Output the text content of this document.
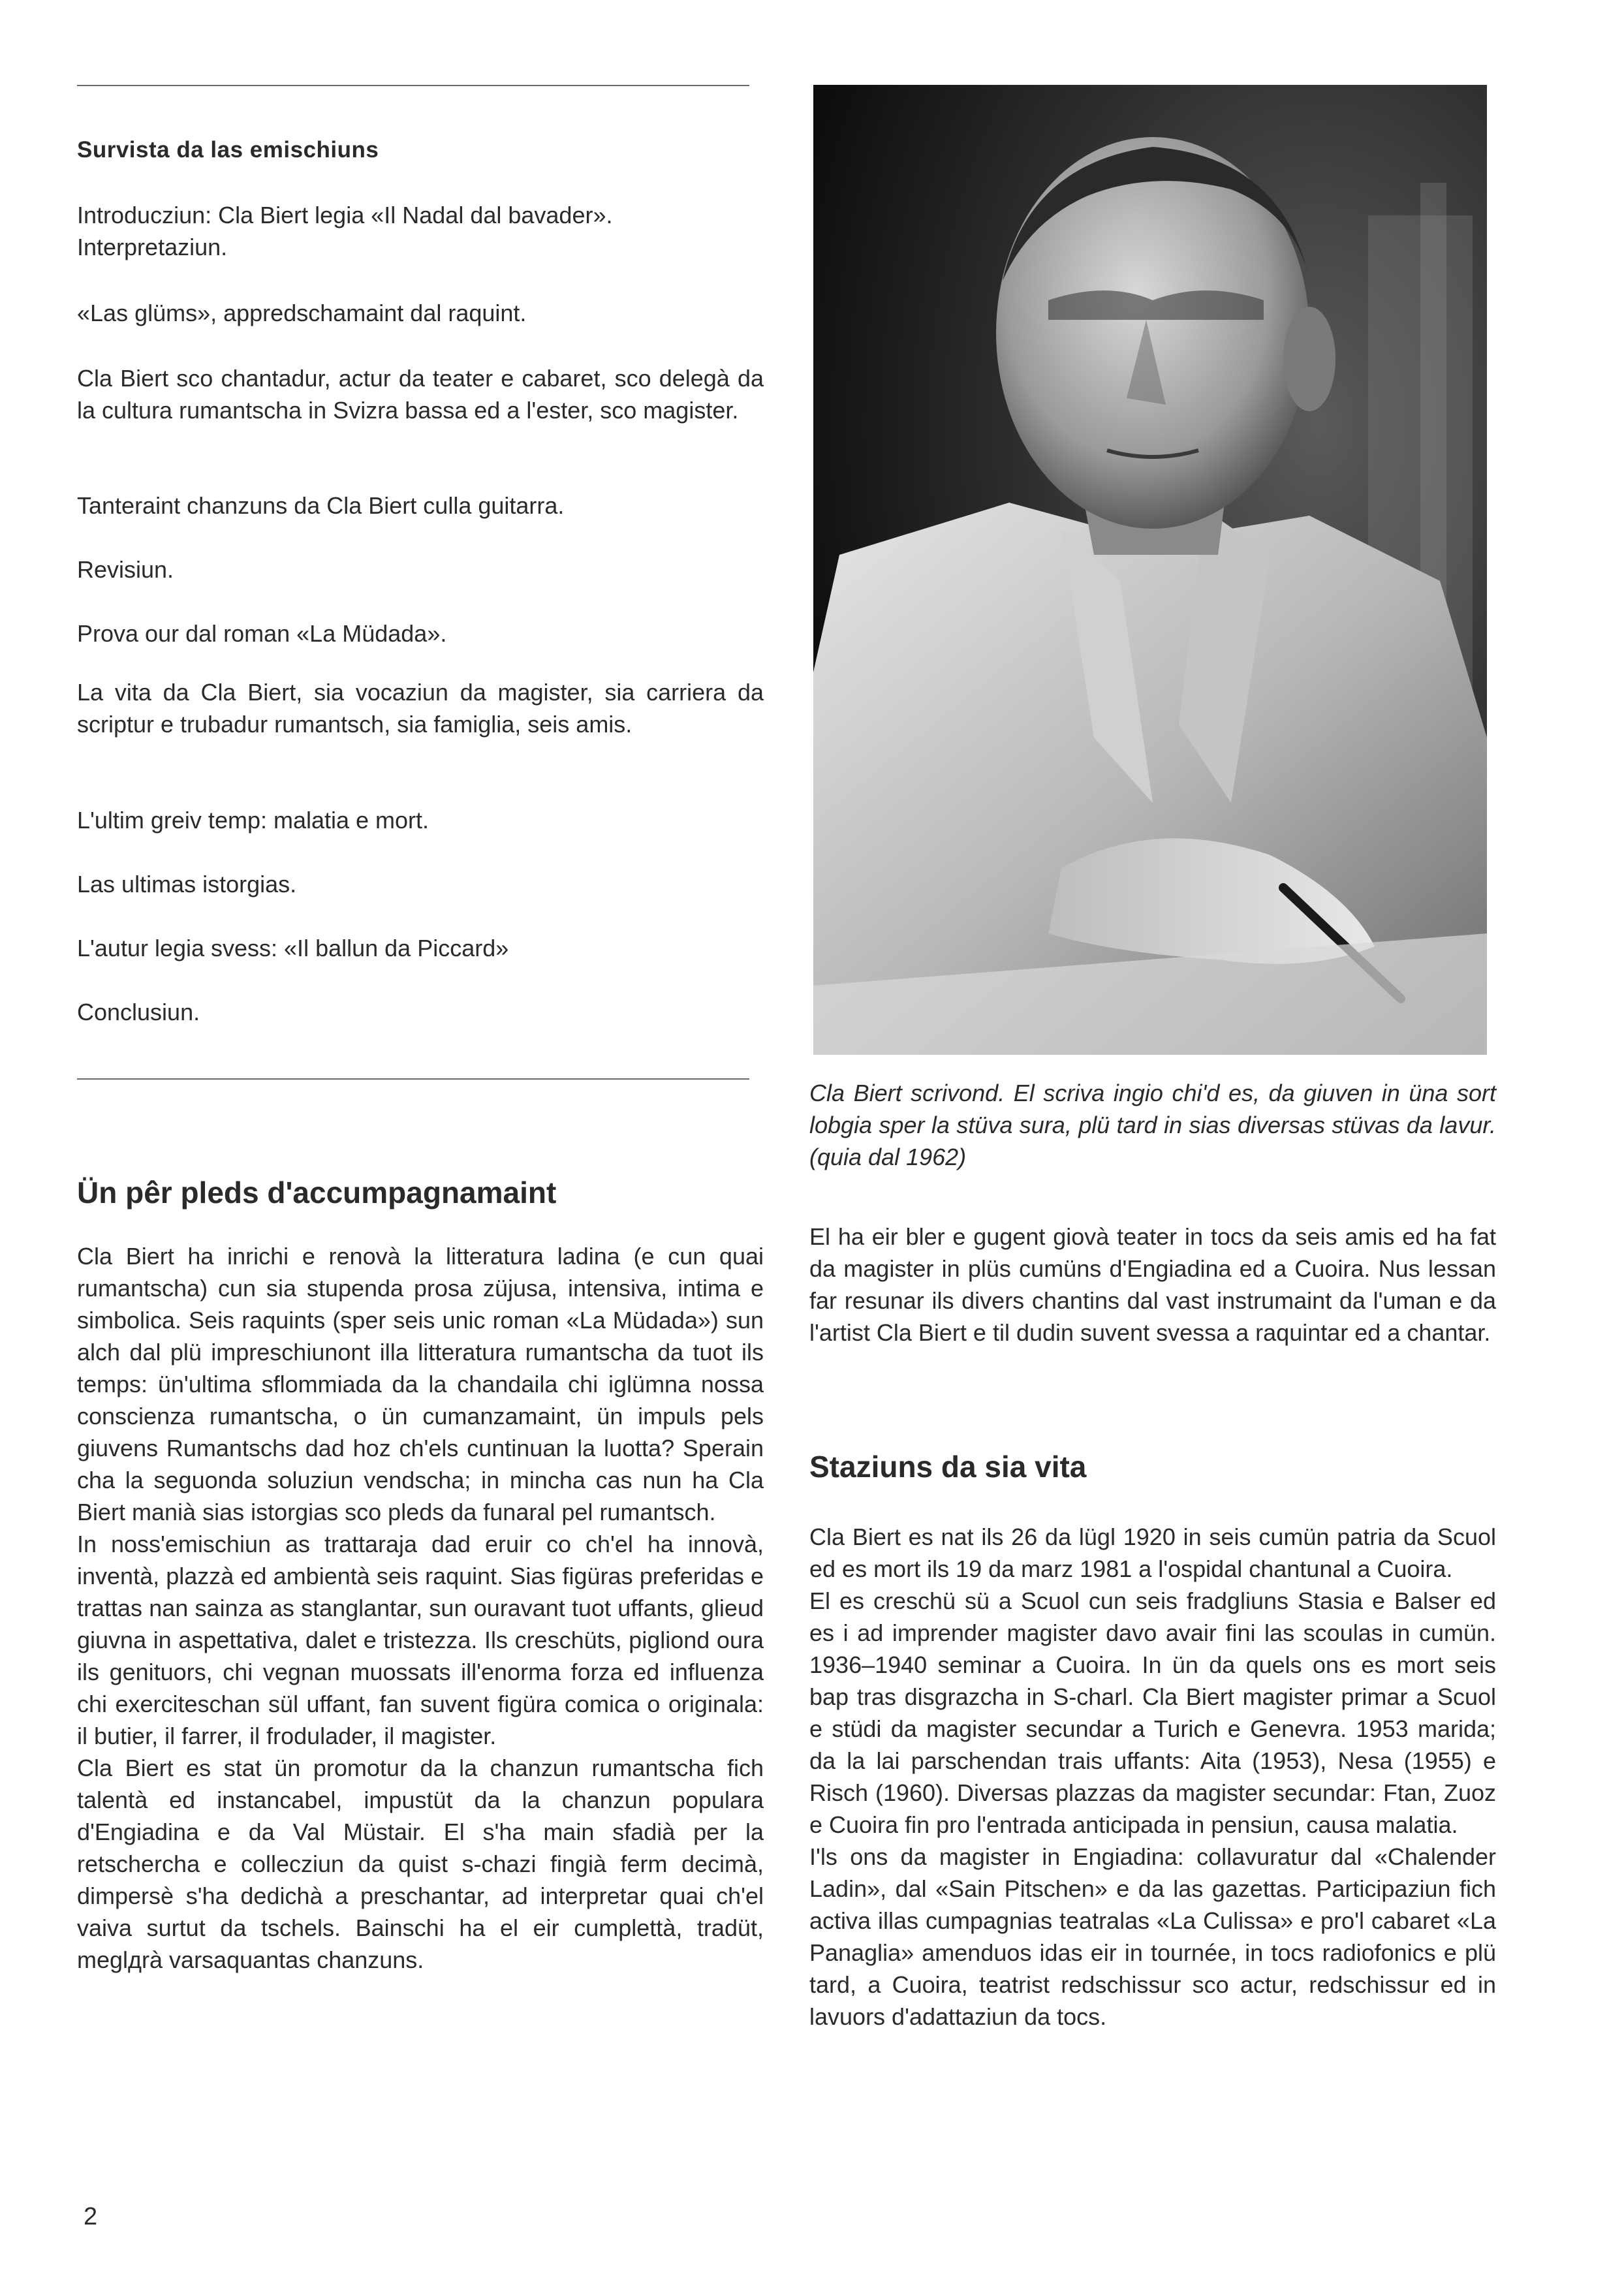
Survista da las emischiuns

Introducziun: Cla Biert legia «Il Nadal dal bavader». Interpretaziun.

«Las glüms», appredschamaint dal raquint.

Cla Biert sco chantadur, actur da teater e cabaret, sco delegà da la cultura rumantscha in Svizra bassa ed a l'ester, sco magister.

Tanteraint chanzuns da Cla Biert culla guitarra.

Revisiun.

Prova our dal roman «La Müdada».

La vita da Cla Biert, sia vocaziun da magister, sia carriera da scriptur e trubadur rumantsch, sia famiglia, seis amis.

L'ultim greiv temp: malatia e mort.

Las ultimas istorgias.

L'autur legia svess: «Il ballun da Piccard»

Conclusiun.

Ün pêr pleds d'accumpagnamaint

Cla Biert ha inrichi e renovà la litteratura ladina (e cun quai rumantscha) cun sia stupenda prosa züjusa, intensiva, intima e simbolica. Seis raquints (sper seis unic roman «La Müdada») sun alch dal plü impreschiunont illa litteratura rumantscha da tuot ils temps: ün'ultima sflommiada da la chandaila chi iglümna nossa conscienza rumantscha, o ün cumanzamaint, ün impuls pels giuvens Rumantschs dad hoz ch'els cuntinuan la luotta? Sperain cha la seguonda soluziun vendscha; in mincha cas nun ha Cla Biert manià sias istorgias sco pleds da funaral pel rumantsch.

In noss'emischiun as trattaraja dad eruir co ch'el ha innovà, inventà, plazzà ed ambientà seis raquint. Sias figüras preferidas e trattas nan sainza as stanglantar, sun ouravant tuot uffants, glieud giuvna in aspettativa, dalet e tristezza. Ils creschüts, pigliond oura ils genituors, chi vegnan muossats ill'enorma forza ed influenza chi exerciteschan sül uffant, fan suvent figüra comica o originala: il butier, il farrer, il frodulader, il magister.

Cla Biert es stat ün promotur da la chanzun rumantscha fich talentà ed instancabel, impustüt da la chanzun populara d'Engiadina e da Val Müstair. El s'ha main sfadià per la retschercha e collecziun da quist s-chazi fingià ferm decimà, dimpersè s'ha dedichà a preschantar, ad interpretar quai ch'el vaiva surtut da tschels. Bainschi ha el eir cumplettà, tradüt, meglдrà varsaquantas chanzuns.

Cla Biert scrivond. El scriva ingio chi'd es, da giuven in üna sort lobgia sper la stüva sura, plü tard in sias diversas stüvas da lavur. (quia dal 1962)

El ha eir bler e gugent giovà teater in tocs da seis amis ed ha fat da magister in plüs cumüns d'Engiadina ed a Cuoira. Nus lessan far resunar ils divers chantins dal vast instrumaint da l'uman e da l'artist Cla Biert e til dudin suvent svessa a raquintar ed a chantar.

Staziuns da sia vita

Cla Biert es nat ils 26 da lügl 1920 in seis cumün patria da Scuol ed es mort ils 19 da marz 1981 a l'ospidal chantunal a Cuoira.

El es creschü sü a Scuol cun seis fradgliuns Stasia e Balser ed es i ad imprender magister davo avair fini las scoulas in cumün. 1936–1940 seminar a Cuoira. In ün da quels ons es mort seis bap tras disgrazcha in S-charl. Cla Biert magister primar a Scuol e stüdi da magister secundar a Turich e Genevra. 1953 marida; da la lai parschendan trais uffants: Aita (1953), Nesa (1955) e Risch (1960). Diversas plazzas da magister secundar: Ftan, Zuoz e Cuoira fin pro l'entrada anticipada in pensiun, causa malatia.

I'ls ons da magister in Engiadina: collavuratur dal «Chalender Ladin», dal «Sain Pitschen» e da las gazettas. Participaziun fich activa illas cumpagnias teatralas «La Culissa» e pro'l cabaret «La Panaglia» amenduos idas eir in tournée, in tocs radiofonics e plü tard, a Cuoira, teatrist redschissur sco actur, redschissur ed in lavuors d'adattaziun da tocs.

2
